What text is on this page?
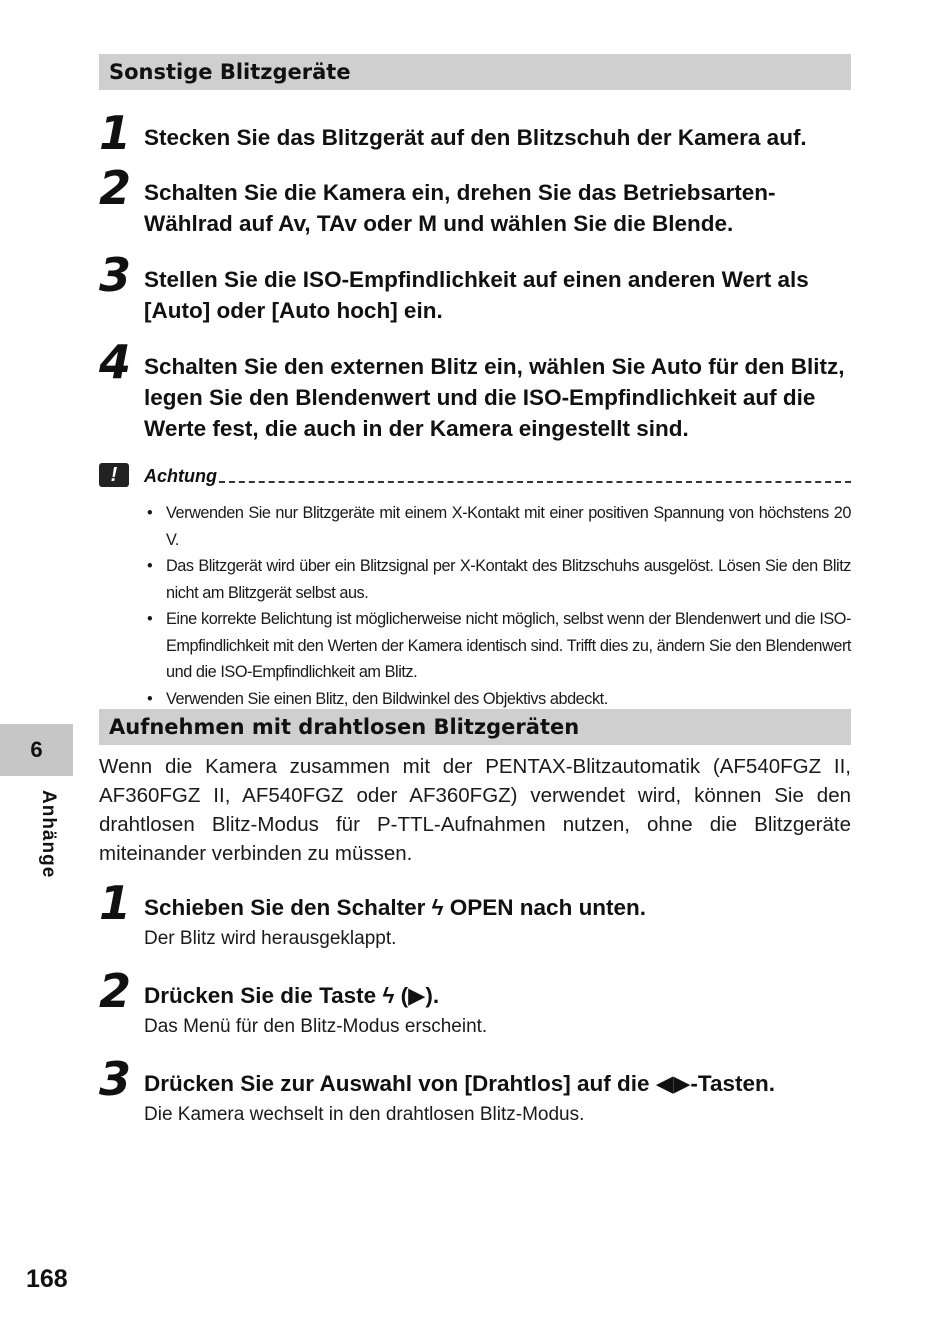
Sonstige Blitzgeräte
1 Stecken Sie das Blitzgerät auf den Blitzschuh der Kamera auf.
2 Schalten Sie die Kamera ein, drehen Sie das Betriebsarten-Wählrad auf Av, TAv oder M und wählen Sie die Blende.
3 Stellen Sie die ISO-Empfindlichkeit auf einen anderen Wert als [Auto] oder [Auto hoch] ein.
4 Schalten Sie den externen Blitz ein, wählen Sie Auto für den Blitz, legen Sie den Blendenwert und die ISO-Empfindlichkeit auf die Werte fest, die auch in der Kamera eingestellt sind.
!	Achtung
• Verwenden Sie nur Blitzgeräte mit einem X-Kontakt mit einer positiven Spannung von höchstens 20 V.
• Das Blitzgerät wird über ein Blitzsignal per X-Kontakt des Blitzschuhs ausgelöst. Lösen Sie den Blitz nicht am Blitzgerät selbst aus.
• Eine korrekte Belichtung ist möglicherweise nicht möglich, selbst wenn der Blendenwert und die ISO-Empfindlichkeit mit den Werten der Kamera identisch sind. Trifft dies zu, ändern Sie den Blendenwert und die ISO-Empfindlichkeit am Blitz.
• Verwenden Sie einen Blitz, den Bildwinkel des Objektivs abdeckt.
Aufnehmen mit drahtlosen Blitzgeräten
Wenn die Kamera zusammen mit der PENTAX-Blitzautomatik (AF540FGZ II, AF360FGZ II, AF540FGZ oder AF360FGZ) verwendet wird, können Sie den drahtlosen Blitz-Modus für P-TTL-Aufnahmen nutzen, ohne die Blitzgeräte miteinander verbinden zu müssen.
1 Schieben Sie den Schalter ϟ OPEN nach unten.
Der Blitz wird herausgeklappt.
2 Drücken Sie die Taste ϟ (▶).
Das Menü für den Blitz-Modus erscheint.
3 Drücken Sie zur Auswahl von [Drahtlos] auf die ◀▶-Tasten.
Die Kamera wechselt in den drahtlosen Blitz-Modus.
6
Anhänge
168
